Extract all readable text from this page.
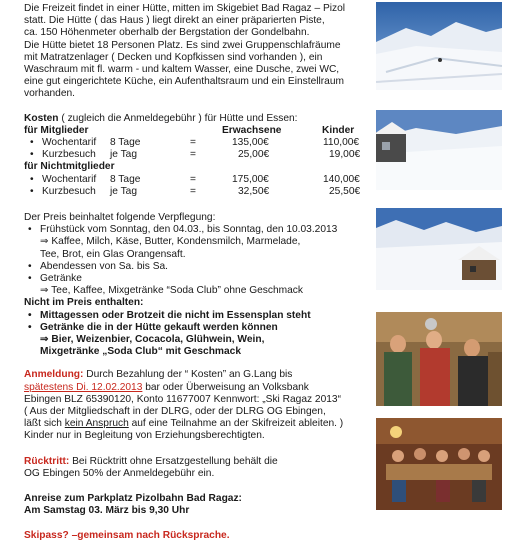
Die Freizeit findet in einer Hütte, mitten im Skigebiet Bad Ragaz – Pizol

statt. Die Hütte ( das Haus ) liegt direkt an einer präparierten Piste,

ca. 150 Höhenmeter oberhalb der Bergstation der Gondelbahn.

Die Hütte bietet 18 Personen Platz. Es sind zwei Gruppenschlafräume

mit Matratzenlager ( Decken und Kopfkissen sind vorhanden ), ein

Waschraum mit fl. warm - und kaltem Wasser, eine Dusche, zwei WC,

eine gut eingerichtete Küche, ein Aufenthaltsraum und ein Einstellraum

vorhanden.

Kosten ( zugleich die Anmeldegebühr ) für Hütte und Essen:

für Mitglieder	Erwachsene	Kinder
• Wochentarif 8 Tage	=	135,00€	110,00€
• Kurzbesuch je Tag	=	25,00€	19,00€
für Nichtmitglieder
• Wochentarif 8 Tage	=	175,00€	140,00€
• Kurzbesuch je Tag	=	32,50€	25,50€

Der Preis beinhaltet folgende Verpflegung:

• Frühstück vom Sonntag, den 04.03., bis Sonntag, den 10.03.2013

⇒ Kaffee, Milch, Käse, Butter, Kondensmilch, Marmelade,

Tee, Brot, ein Glas Orangensaft.

• Abendessen von Sa. bis Sa.

• Getränke

⇒ Tee, Kaffee, Mixgetränke “Soda Club” ohne Geschmack

Nicht im Preis enthalten:

• Mittagessen oder Brotzeit die nicht im Essensplan steht

• Getränke die in der Hütte gekauft werden können

⇒ Bier, Weizenbier, Cocacola, Glühwein, Wein,

Mixgetränke „Soda Club“ mit Geschmack

Anmeldung: Durch Bezahlung der “ Kosten” an G.Lang bis

spätestens Di. 12.02.2013 bar oder Überweisung an Volksbank

Ebingen BLZ 65390120, Konto 11677007 Kennwort: „Ski Ragaz 2013“

( Aus der Mitgliedschaft in der DLRG, oder der DLRG OG Ebingen,

läßt sich kein Anspruch auf eine Teilnahme an der Skifreizeit ableiten. )

Kinder nur in Begleitung von Erziehungsberechtigten.

Rücktritt: Bei Rücktritt ohne Ersatzgestellung behält die

OG Ebingen 50% der Anmeldegebühr ein.

Anreise zum Parkplatz Pizolbahn Bad Ragaz:

Am Samstag 03. März bis 9,30 Uhr

Skipass? –gemeinsam nach Rücksprache.
